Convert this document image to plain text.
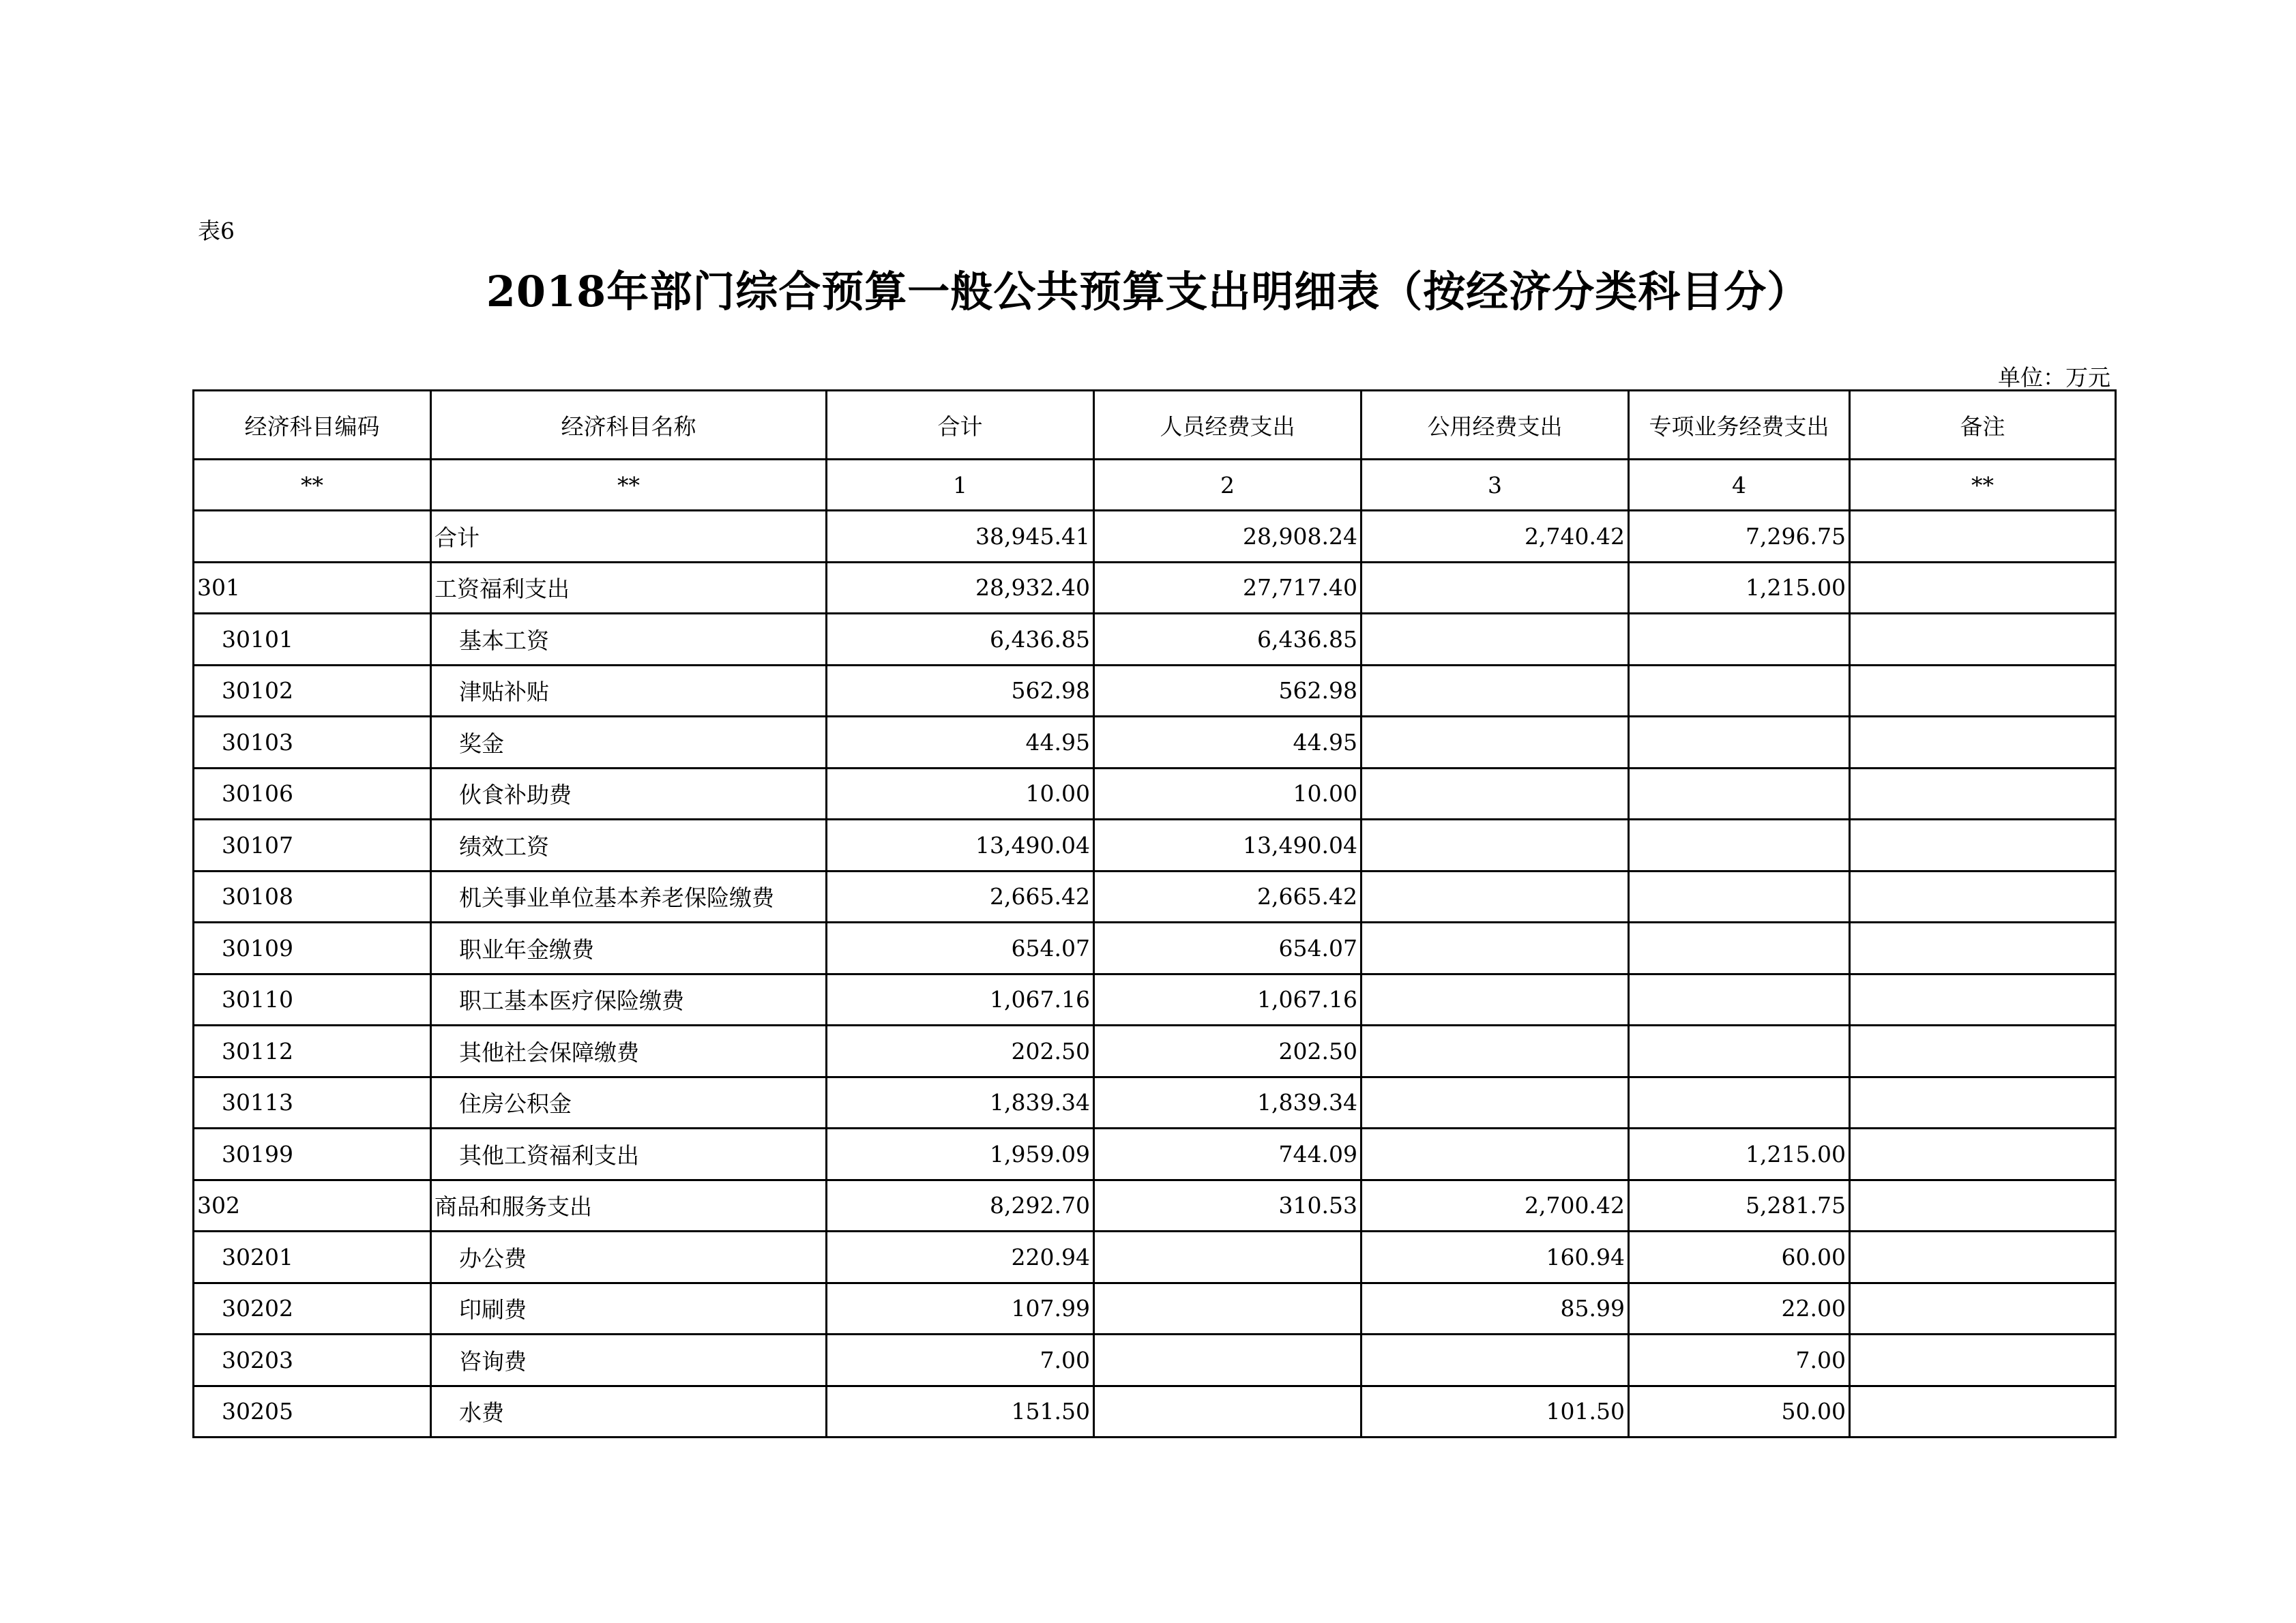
表6
2018年部门综合预算一般公共预算支出明细表（按经济分类科目分）
单位：万元
经济科目编码	经济科目名称	合计	人员经费支出	公用经费支出	专项业务经费支出	备注
**	**	1	2	3	4	**
	合计	38,945.41	28,908.24	2,740.42	7,296.75	
301	工资福利支出	28,932.40	27,717.40		1,215.00	
30101	基本工资	6,436.85	6,436.85			
30102	津贴补贴	562.98	562.98			
30103	奖金	44.95	44.95			
30106	伙食补助费	10.00	10.00			
30107	绩效工资	13,490.04	13,490.04			
30108	机关事业单位基本养老保险缴费	2,665.42	2,665.42			
30109	职业年金缴费	654.07	654.07			
30110	职工基本医疗保险缴费	1,067.16	1,067.16			
30112	其他社会保障缴费	202.50	202.50			
30113	住房公积金	1,839.34	1,839.34			
30199	其他工资福利支出	1,959.09	744.09		1,215.00	
302	商品和服务支出	8,292.70	310.53	2,700.42	5,281.75	
30201	办公费	220.94		160.94	60.00	
30202	印刷费	107.99		85.99	22.00	
30203	咨询费	7.00			7.00	
30205	水费	151.50		101.50	50.00	
